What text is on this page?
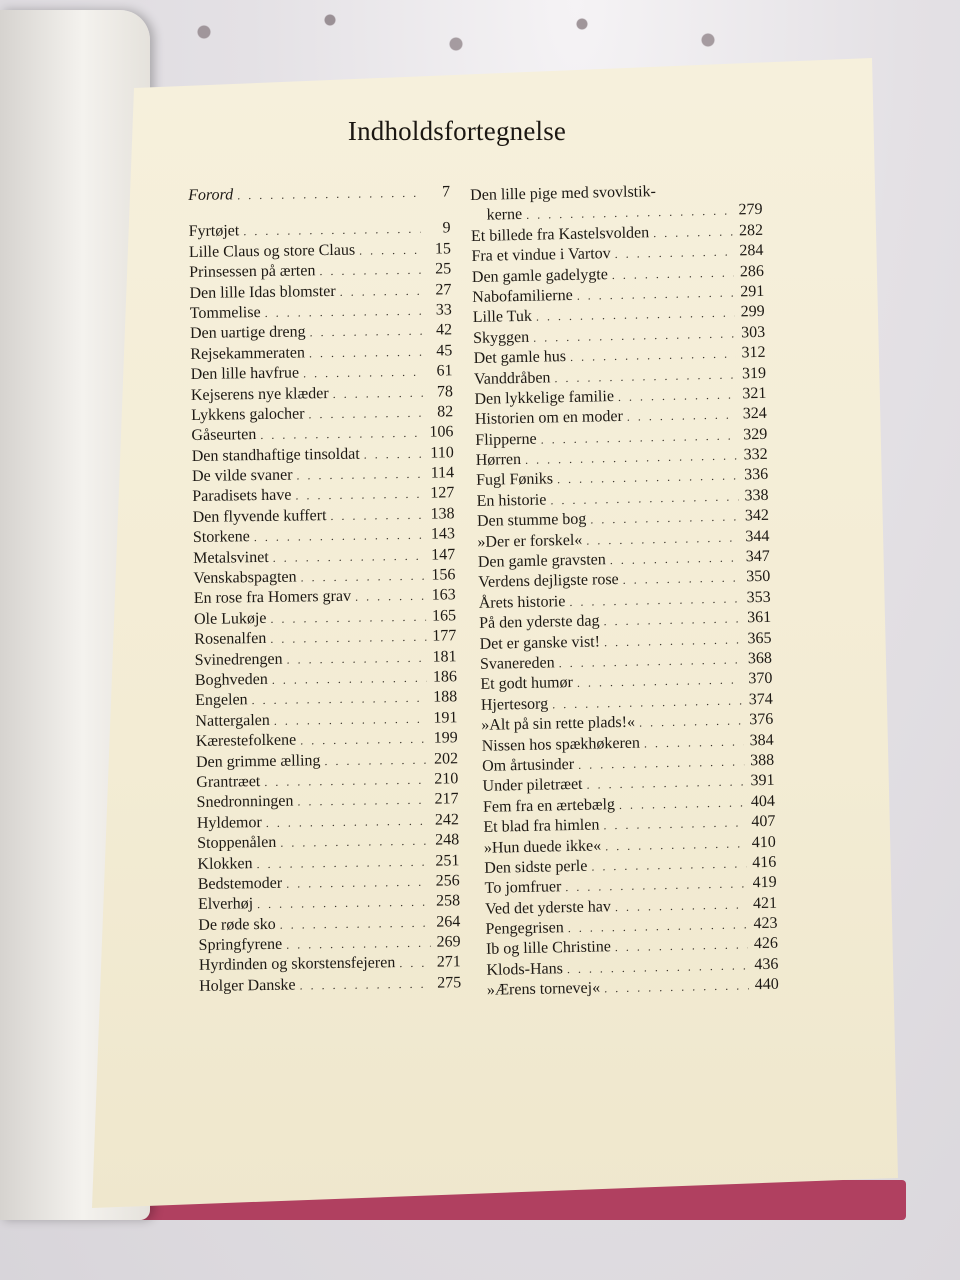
Indholdsfortegnelse
Forord . . .	7
Fyrtøjet . . .	9
Lille Claus og store Claus . . .	15
Prinsessen på ærten . . .	25
Den lille Idas blomster . . .	27
Tommelise . . .	33
Den uartige dreng . . .	42
Rejsekammeraten . . .	45
Den lille havfrue . . .	61
Kejserens nye klæder . . .	78
Lykkens galocher . . .	82
Gåseurten . . .	106
Den standhaftige tinsoldat . . .	110
De vilde svaner . . .	114
Paradisets have . . .	127
Den flyvende kuffert . . .	138
Storkene . . .	143
Metalsvinet . . .	147
Venskabspagten . . .	156
En rose fra Homers grav . . .	163
Ole Lukøje . . .	165
Rosenalfen . . .	177
Svinedrengen . . .	181
Boghveden . . .	186
Engelen . . .	188
Nattergalen . . .	191
Kærestefolkene . . .	199
Den grimme ælling . . .	202
Grantræet . . .	210
Snedronningen . . .	217
Hyldemor . . .	242
Stoppenålen . . .	248
Klokken . . .	251
Bedstemoder . . .	256
Elverhøj . . .	258
De røde sko . . .	264
Springfyrene . . .	269
Hyrdinden og skorstensfejeren . . .	271
Holger Danske . . .	275
Den lille pige med svovlstik-
kerne . . .	279
Et billede fra Kastelsvolden . . .	282
Fra et vindue i Vartov . . .	284
Den gamle gadelygte . . .	286
Nabofamilierne . . .	291
Lille Tuk . . .	299
Skyggen . . .	303
Det gamle hus . . .	312
Vanddråben . . .	319
Den lykkelige familie . . .	321
Historien om en moder . . .	324
Flipperne . . .	329
Hørren . . .	332
Fugl Føniks . . .	336
En historie . . .	338
Den stumme bog . . .	342
»Der er forskel« . . .	344
Den gamle gravsten . . .	347
Verdens dejligste rose . . .	350
Årets historie . . .	353
På den yderste dag . . .	361
Det er ganske vist! . . .	365
Svanereden . . .	368
Et godt humør . . .	370
Hjertesorg . . .	374
»Alt på sin rette plads!« . . .	376
Nissen hos spækhøkeren . . .	384
Om årtusinder . . .	388
Under piletræet . . .	391
Fem fra en ærtebælg . . .	404
Et blad fra himlen . . .	407
»Hun duede ikke« . . .	410
Den sidste perle . . .	416
To jomfruer . . .	419
Ved det yderste hav . . .	421
Pengegrisen . . .	423
Ib og lille Christine . . .	426
Klods-Hans . . .	436
»Ærens tornevej« . . .	440
